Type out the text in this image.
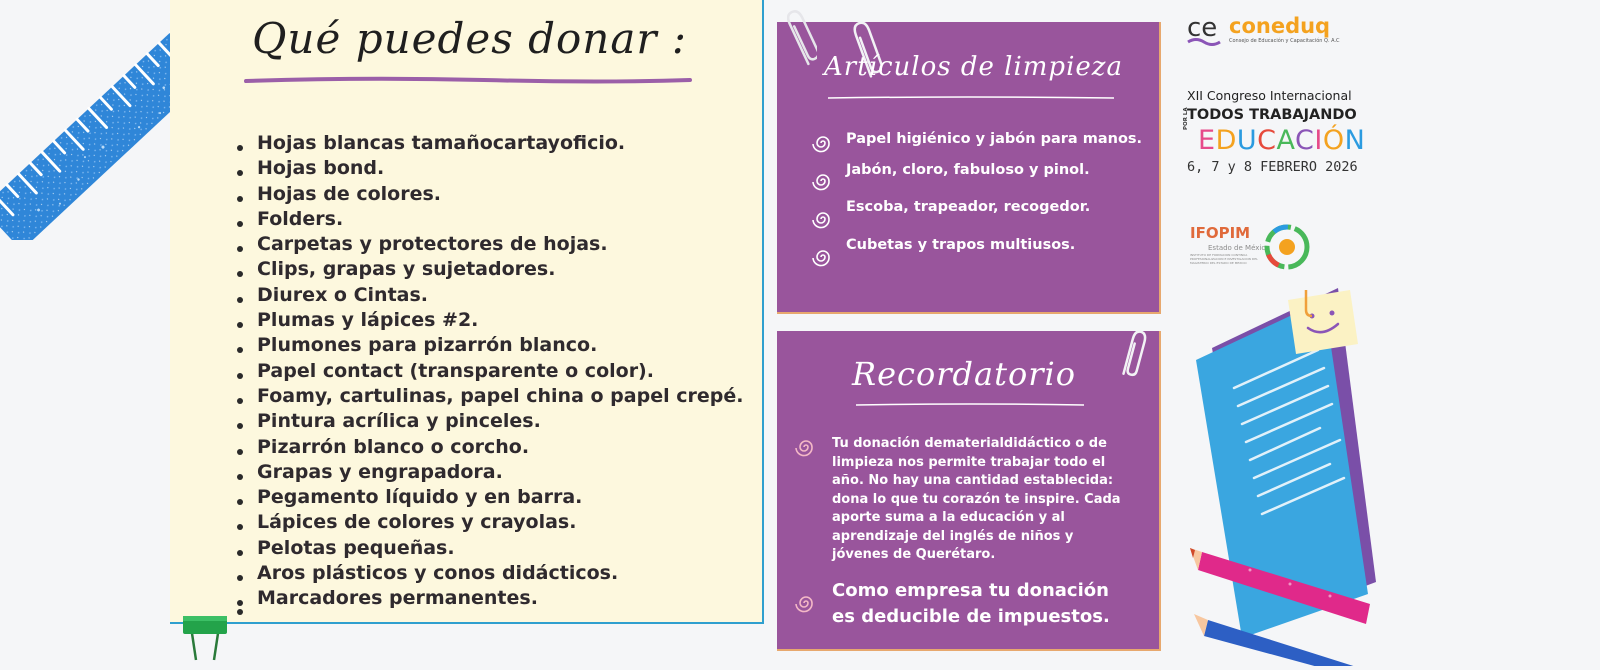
Qué puedes donar :
Hojas blancas tamañocartayoficio.
Hojas bond.
Hojas de colores.
Folders.
Carpetas y protectores de hojas.
Clips, grapas y sujetadores.
Diurex o Cintas.
Plumas y lápices #2.
Plumones para pizarrón blanco.
Papel contact (transparente o color).
Foamy, cartulinas, papel china o papel crepé.
Pintura acrílica y pinceles.
Pizarrón blanco o corcho.
Grapas y engrapadora.
Pegamento líquido y en barra.
Lápices de colores y crayolas.
Pelotas pequeñas.
Aros plásticos y conos didácticos.
Marcadores permanentes.
Artículos de limpieza
Papel higiénico y jabón para manos.
Jabón, cloro, fabuloso y pinol.
Escoba, trapeador, recogedor.
Cubetas y trapos multiusos.
Recordatorio
Tu donación dematerialdidáctico o de limpieza nos permite trabajar todo el año. No hay una cantidad establecida: dona lo que tu corazón te inspire. Cada aporte suma a la educación y al aprendizaje del inglés de niños y jóvenes de Querétaro.
Como empresa tu donación es deducible de impuestos.
ce coneduq
Consejo de Educación y Capacitación Q. A.C
XII Congreso Internacional
TODOS TRABAJANDO
POR LA
EDUCACIÓN
6, 7 y 8 FEBRERO 2026
IFOPIM
Estado de México
INSTITUTO DE FORMACION CONTINUA PROFESIONALIZACION E INVESTIGACION DEL MAGISTERIO DEL ESTADO DE MEXICO
